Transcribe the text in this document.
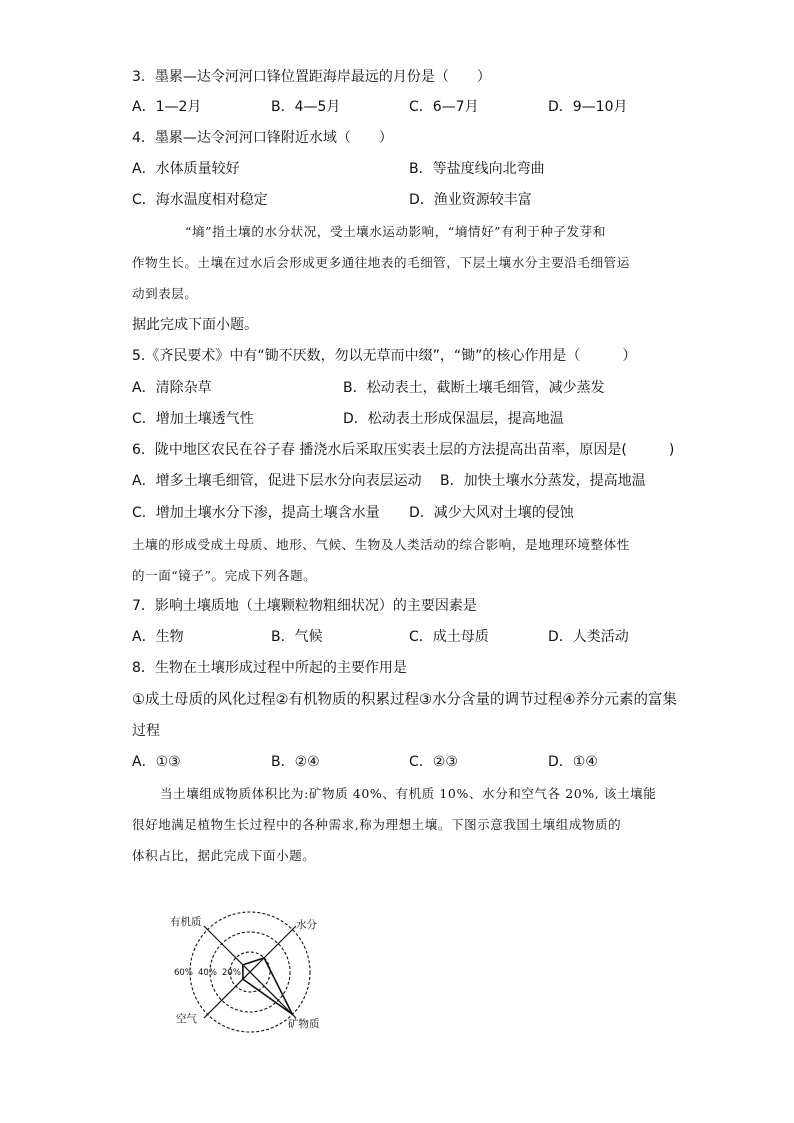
3．墨累—达令河河口锋位置距海岸最远的月份是（　　）
A．1—2月	B．4—5月	C．6—7月	D．9—10月
4．墨累—达令河河口锋附近水域（　　）
A．水体质量较好	B．等盐度线向北弯曲
C．海水温度相对稳定	D．渔业资源较丰富
“墒”指土壤的水分状况，受土壤水运动影响，“墒情好”有利于种子发芽和
作物生长。土壤在过水后会形成更多通往地表的毛细管，下层土壤水分主要沿毛细管运
动到表层。
据此完成下面小题。
5.《齐民要术》中有“锄不厌数，勿以无草而中缀”，“锄”的核心作用是（　　　）
A．清除杂草	B．松动表土，截断土壤毛细管，减少蒸发
C．增加土壤透气性	D．松动表土形成保温层，提高地温
6．陇中地区农民在谷子春 播浇水后采取压实表土层的方法提高出苗率，原因是(　　　)
A．增多土壤毛细管，促进下层水分向表层运动 B．加快土壤水分蒸发，提高地温
C．增加土壤水分下渗，提高土壤含水量 D．减少大风对土壤的侵蚀
土壤的形成受成土母质、地形、气候、生物及人类活动的综合影响，是地理环境整体性
的一面“镜子”。完成下列各题。
7．影响土壤质地（土壤颗粒物粗细状况）的主要因素是
A．生物	B．气候	C．成土母质	D．人类活动
8．生物在土壤形成过程中所起的主要作用是
①成土母质的风化过程②有机物质的积累过程③水分含量的调节过程④养分元素的富集
过程
A．①③	B．②④	C．②③	D．①④
当土壤组成物质体积比为:矿物质 40%、有机质 10%、水分和空气各 20%, 该土壤能
很好地满足植物生长过程中的各种需求,称为理想土壤。下图示意我国土壤组成物质的
体积占比，据此完成下面小题。
有机质	水分
空气	矿物质
60% 40% 20%
